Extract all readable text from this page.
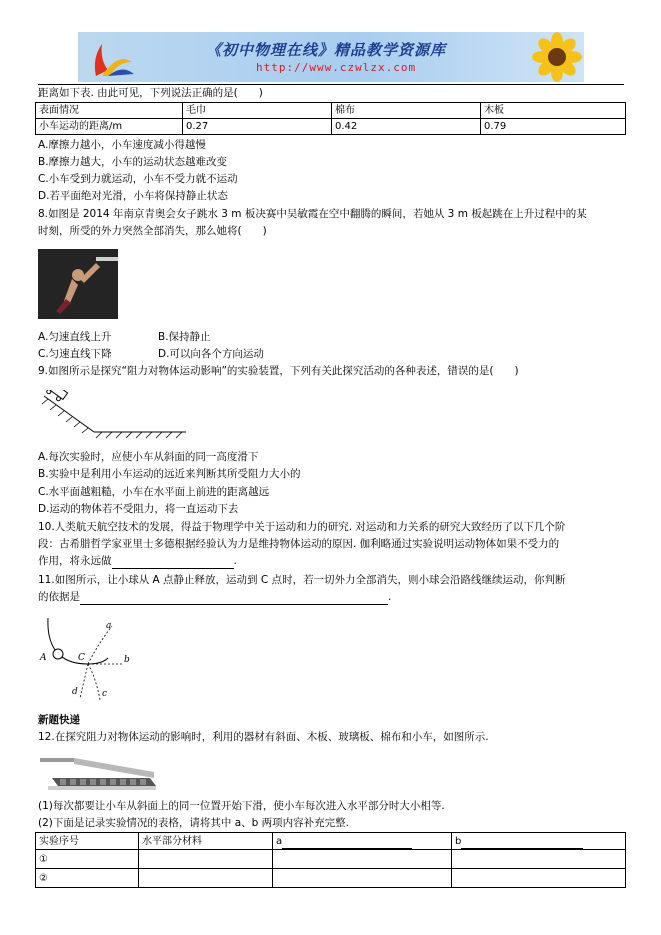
《初中物理在线》精品教学资源库
http://www.czwlzx.com
距离如下表. 由此可见，下列说法正确的是(　　)
表面情况	毛巾	棉布	木板
小车运动的距离/m	0.27	0.42	0.79
A.摩擦力越小，小车速度减小得越慢
B.摩擦力越大，小车的运动状态越难改变
C.小车受到力就运动，小车不受力就不运动
D.若平面绝对光滑，小车将保持静止状态
8.如图是 2014 年南京青奥会女子跳水 3 m 板决赛中吴敏霞在空中翻腾的瞬间，若她从 3 m 板起跳在上升过程中的某
时刻，所受的外力突然全部消失，那么她将(　　)
A.匀速直线上升	B.保持静止
C.匀速直线下降	D.可以向各个方向运动
9.如图所示是探究“阻力对物体运动影响”的实验装置，下列有关此探究活动的各种表述，错误的是(　　)
A.每次实验时，应使小车从斜面的同一高度滑下
B.实验中是利用小车运动的远近来判断其所受阻力大小的
C.水平面越粗糙，小车在水平面上前进的距离越远
D.运动的物体若不受阻力，将一直运动下去
10.人类航天航空技术的发展，得益于物理学中关于运动和力的研究. 对运动和力关系的研究大致经历了以下几个阶
段：古希腊哲学家亚里士多德根据经验认为力是维持物体运动的原因. 伽利略通过实验说明运动物体如果不受力的
作用，将永远做	.
11.如图所示，让小球从 A 点静止释放，运动到 C 点时，若一切外力全部消失，则小球会沿路线继续运动，你判断
的依据是	.
a
b
c
d
A	C
新题快递
12.在探究阻力对物体运动的影响时，利用的器材有斜面、木板、玻璃板、棉布和小车，如图所示.
(1)每次都要让小车从斜面上的同一位置开始下滑，使小车每次进入水平部分时大小相等.
(2)下面是记录实验情况的表格，请将其中 a、b 两项内容补充完整.
实验序号	水平部分材料	a	b
①			
②			
